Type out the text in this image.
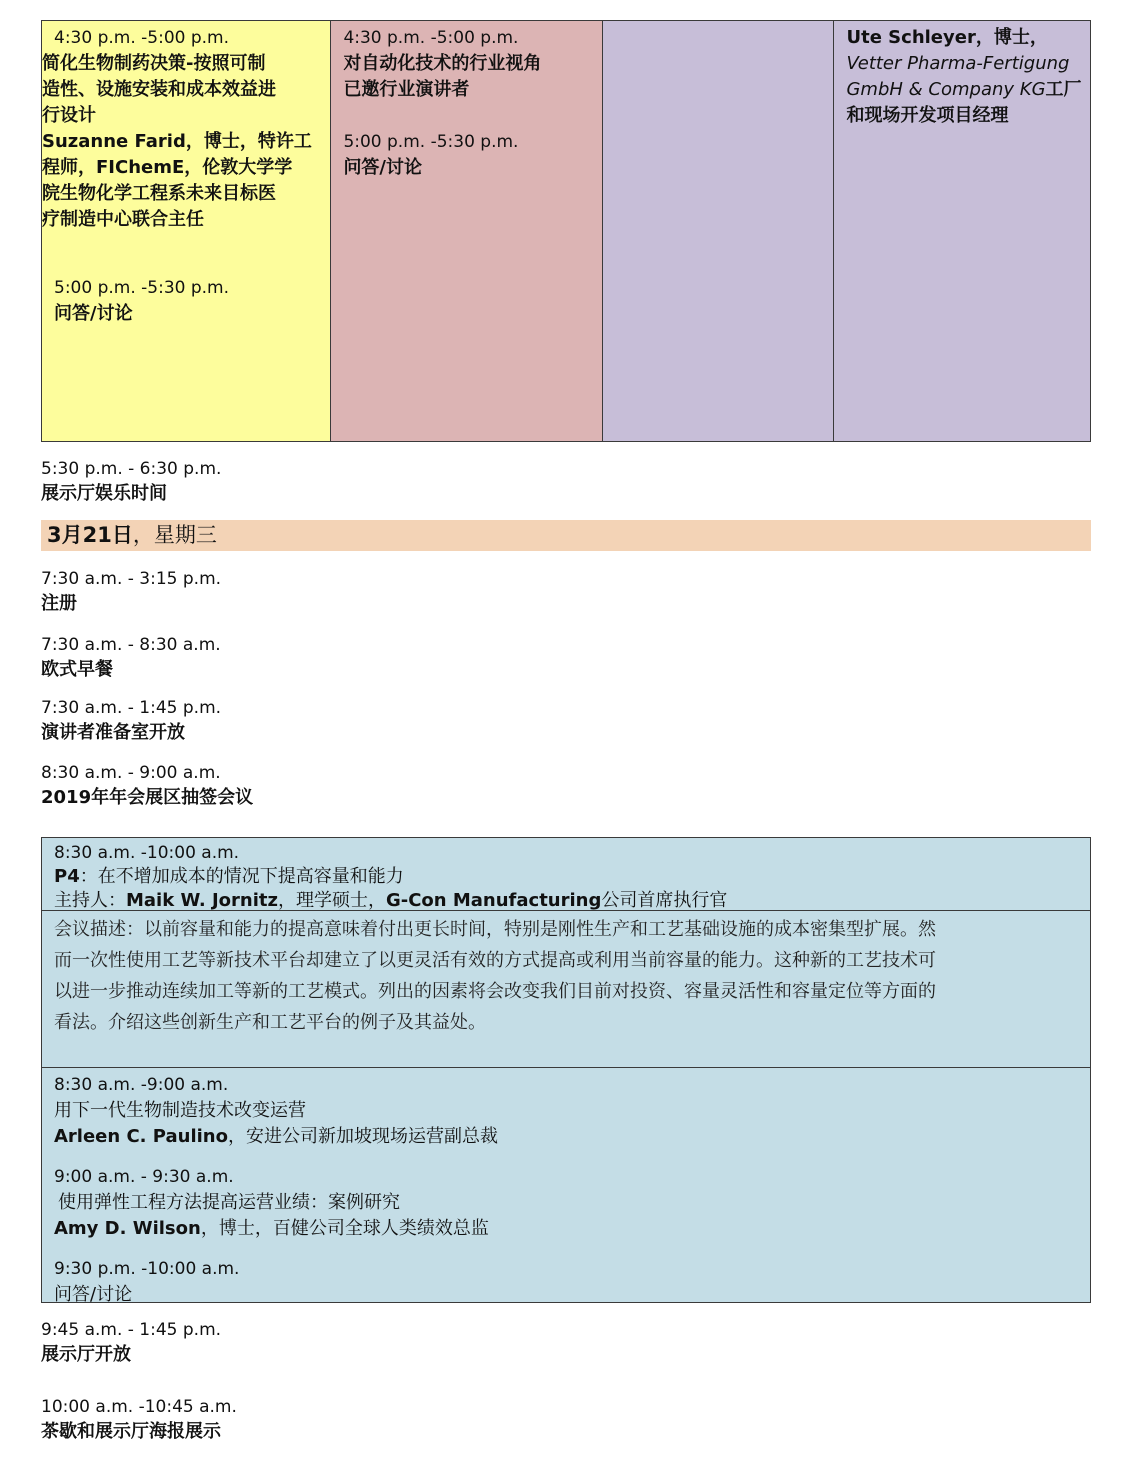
4:30 p.m. -5:00 p.m.
简化生物制药决策-按照可制
造性、设施安装和成本效益进
行设计
Suzanne Farid，博士，特许工
程师，FIChemE，伦敦大学学
院生物化学工程系未来目标医
疗制造中心联合主任
5:00 p.m. -5:30 p.m.
问答/讨论
4:30 p.m. -5:00 p.m.
对自动化技术的行业视角
已邀行业演讲者
5:00 p.m. -5:30 p.m.
问答/讨论
Ute Schleyer，博士，
Vetter Pharma-Fertigung
GmbH & Company KG工厂
和现场开发项目经理
5:30 p.m. - 6:30 p.m.
展示厅娱乐时间
3月21日，星期三
7:30 a.m. - 3:15 p.m.
注册
7:30 a.m. - 8:30 a.m.
欧式早餐
7:30 a.m. - 1:45 p.m.
演讲者准备室开放
8:30 a.m. - 9:00 a.m.
2019年年会展区抽签会议
8:30 a.m. -10:00 a.m.
P4：在不增加成本的情况下提高容量和能力
主持人：Maik W. Jornitz，理学硕士，G-Con Manufacturing公司首席执行官
会议描述：以前容量和能力的提高意味着付出更长时间，特别是刚性生产和工艺基础设施的成本密集型扩展。然
而一次性使用工艺等新技术平台却建立了以更灵活有效的方式提高或利用当前容量的能力。这种新的工艺技术可
以进一步推动连续加工等新的工艺模式。列出的因素将会改变我们目前对投资、容量灵活性和容量定位等方面的
看法。介绍这些创新生产和工艺平台的例子及其益处。
8:30 a.m. -9:00 a.m.
用下一代生物制造技术改变运营
Arleen C. Paulino，安进公司新加坡现场运营副总裁
9:00 a.m. - 9:30 a.m.
使用弹性工程方法提高运营业绩：案例研究
Amy D. Wilson，博士，百健公司全球人类绩效总监
9:30 p.m. -10:00 a.m.
问答/讨论
9:45 a.m. - 1:45 p.m.
展示厅开放
10:00 a.m. -10:45 a.m.
茶歇和展示厅海报展示
